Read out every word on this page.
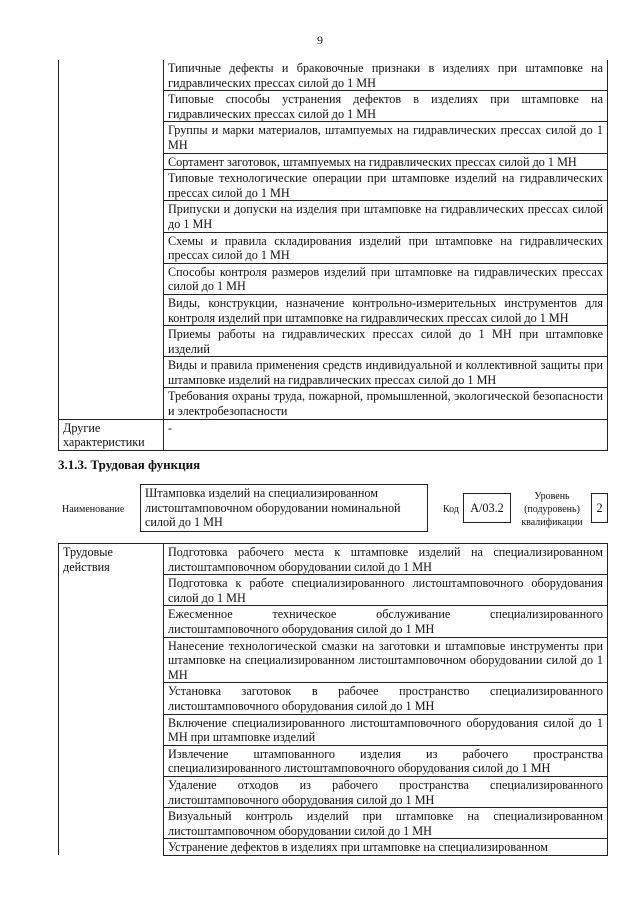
9
	Типичные дефекты и браковочные признаки в изделиях при штамповке на гидравлических прессах силой до 1 МН
	Типовые способы устранения дефектов в изделиях при штамповке на гидравлических прессах силой до 1 МН
	Группы и марки материалов, штампуемых на гидравлических прессах силой до 1 МН
	Сортамент заготовок, штампуемых на гидравлических прессах силой до 1 МН
	Типовые технологические операции при штамповке изделий на гидравлических прессах силой до 1 МН
	Припуски и допуски на изделия при штамповке на гидравлических прессах силой до 1 МН
	Схемы и правила складирования изделий при штамповке на гидравлических прессах силой до 1 МН
	Способы контроля размеров изделий при штамповке на гидравлических прессах силой до 1 МН
	Виды, конструкции, назначение контрольно-измерительных инструментов для контроля изделий при штамповке на гидравлических прессах силой до 1 МН
	Приемы работы на гидравлических прессах силой до 1 МН при штамповке изделий
	Виды и правила применения средств индивидуальной и коллективной защиты при штамповке изделий на гидравлических прессах силой до 1 МН
	Требования охраны труда, пожарной, промышленной, экологической безопасности и электробезопасности
Другие характеристики	-
3.1.3. Трудовая функция
Наименование
Штамповка изделий на специализированном листоштамповочном оборудовании номинальной силой до 1 МН
Код А/03.2
Уровень (подуровень) квалификации
2
Трудовые действия	Подготовка рабочего места к штамповке изделий на специализированном листоштамповочном оборудовании силой до 1 МН
Подготовка к работе специализированного листоштамповочного оборудования силой до 1 МН
Ежесменное техническое обслуживание специализированного листоштамповочного оборудования силой до 1 МН
Нанесение технологической смазки на заготовки и штамповые инструменты при штамповке на специализированном листоштамповочном оборудовании силой до 1 МН
Установка заготовок в рабочее пространство специализированного листоштамповочного оборудования силой до 1 МН
Включение специализированного листоштамповочного оборудования силой до 1 МН при штамповке изделий
Извлечение штампованного изделия из рабочего пространства специализированного листоштамповочного оборудования силой до 1 МН
Удаление отходов из рабочего пространства специализированного листоштамповочного оборудования силой до 1 МН
Визуальный контроль изделий при штамповке на специализированном листоштамповочном оборудовании силой до 1 МН
Устранение дефектов в изделиях при штамповке на специализированном
